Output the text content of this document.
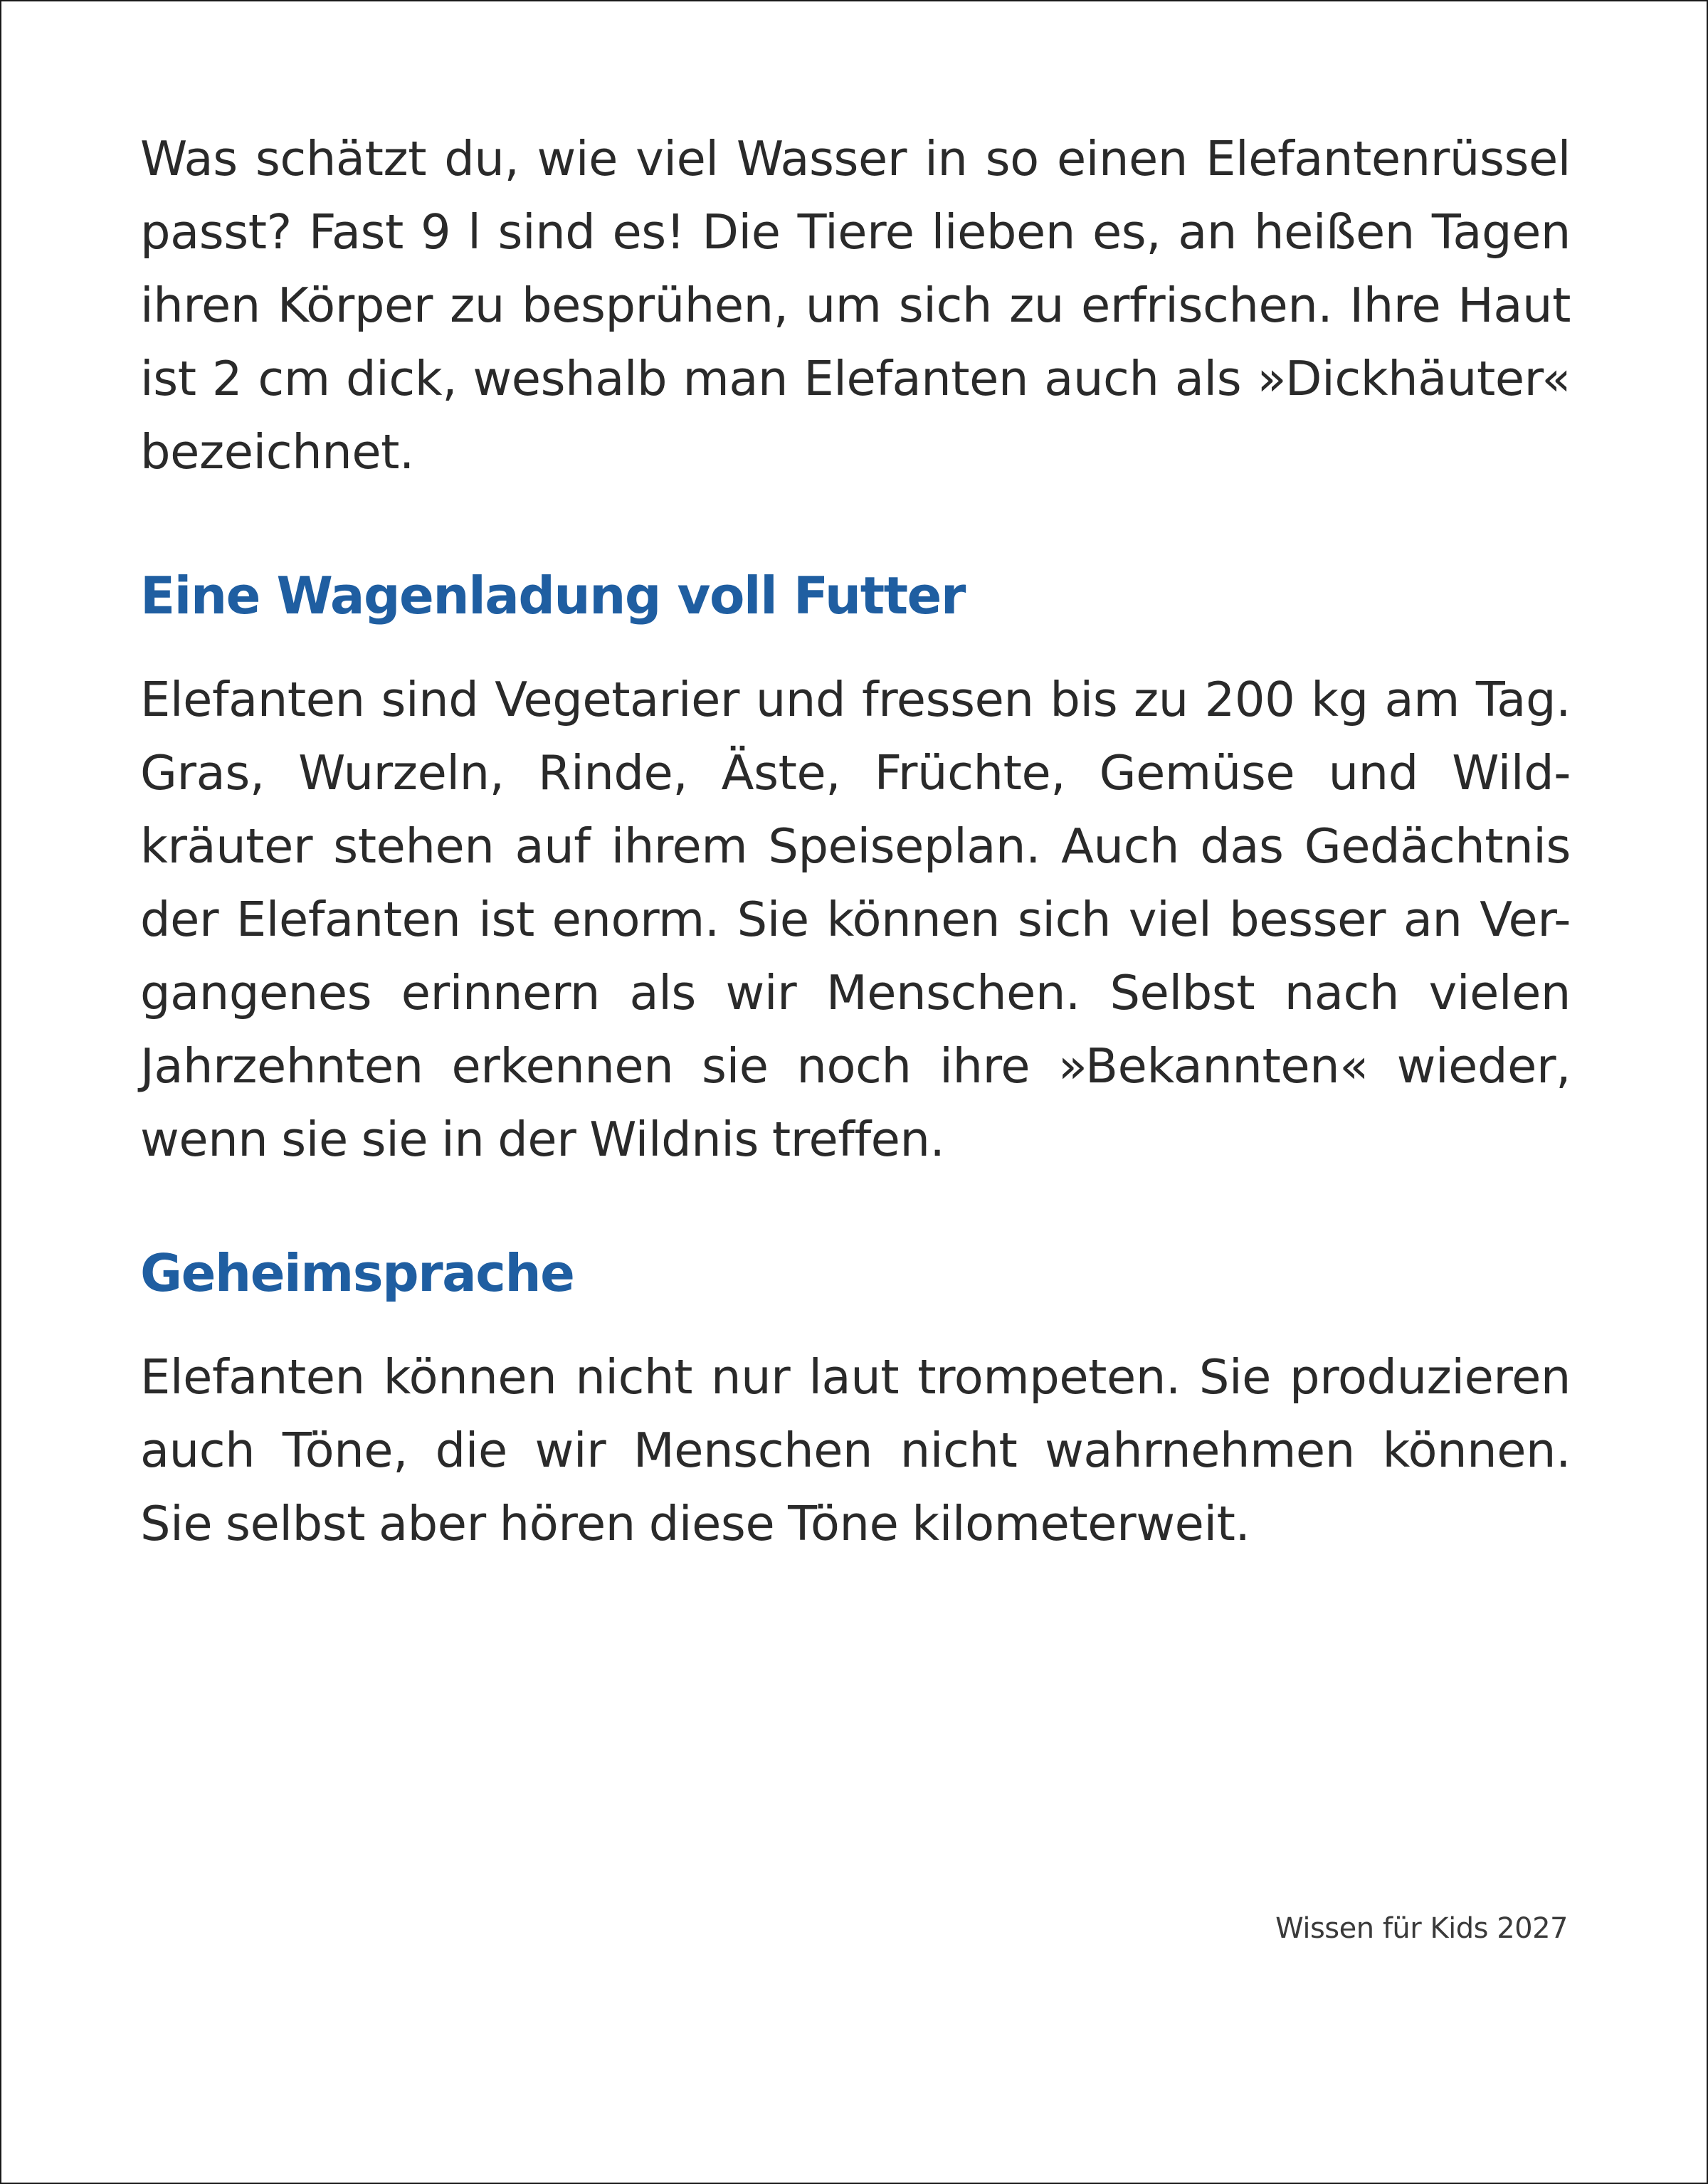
Was schätzt du, wie viel Wasser in so einen Elefantenrüssel
passt? Fast 9 l sind es! Die Tiere lieben es, an heißen Tagen
ihren Körper zu besprühen, um sich zu erfrischen. Ihre Haut
ist 2 cm dick, weshalb man Elefanten auch als »Dickhäuter«
bezeichnet.
Eine Wagenladung voll Futter
Elefanten sind Vegetarier und fressen bis zu 200 kg am Tag.
Gras, Wurzeln, Rinde, Äste, Früchte, Gemüse und Wild-
kräuter stehen auf ihrem Speiseplan. Auch das Gedächtnis
der Elefanten ist enorm. Sie können sich viel besser an Ver-
gangenes erinnern als wir Menschen. Selbst nach vielen
Jahrzehnten erkennen sie noch ihre »Bekannten« wieder,
wenn sie sie in der Wildnis treffen.
Geheimsprache
Elefanten können nicht nur laut trompeten. Sie produzieren
auch Töne, die wir Menschen nicht wahrnehmen können.
Sie selbst aber hören diese Töne kilometerweit.
Wissen für Kids 2027
